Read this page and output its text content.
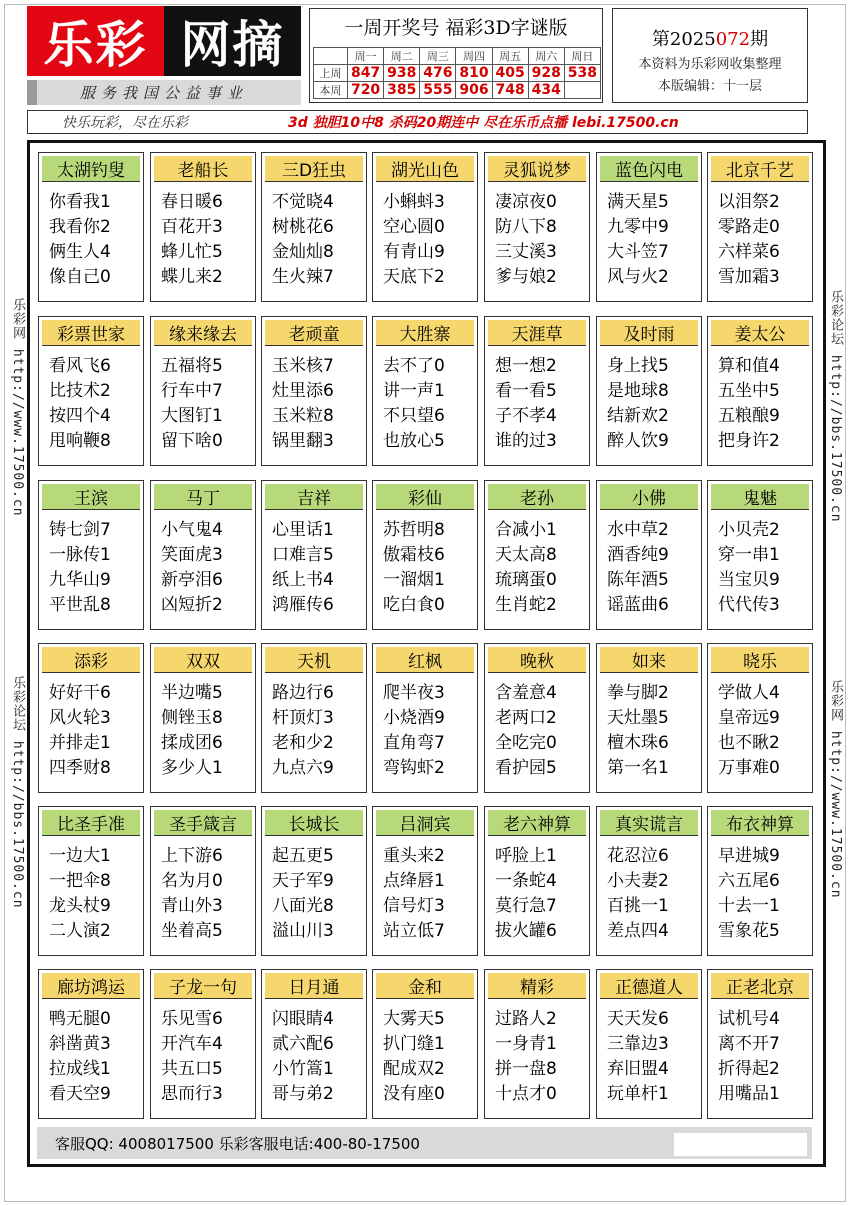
乐彩 网摘
服务我国公益事业
一周开奖号 福彩3D字谜版
	周一	周二	周三	周四	周五	周六	周日
上周	847	938	476	810	405	928	538
本周	720	385	555	906	748	434	
第2025072期
本资料为乐彩网收集整理
本版编辑：十一层
快乐玩彩，尽在乐彩	3d 独胆10中8 杀码20期连中 尽在乐币点播 lebi.17500.cn
乐彩网 http://www.17500.cn
乐彩论坛 http://bbs.17500.cn
乐彩论坛 http://bbs.17500.cn
乐彩网 http://www.17500.cn
太湖钓叟
你看我1
我看你2
俩生人4
像自己0
老船长
春日暖6
百花开3
蜂儿忙5
蝶儿来2
三D狂虫
不觉晓4
树桃花6
金灿灿8
生火辣7
湖光山色
小蝌蚪3
空心圆0
有青山9
天底下2
灵狐说梦
凄凉夜0
防八下8
三丈溪3
爹与娘2
蓝色闪电
满天星5
九零中9
大斗笠7
风与火2
北京千艺
以泪祭2
零路走0
六样菜6
雪加霜3
彩票世家
看风飞6
比技术2
按四个4
甩响鞭8
缘来缘去
五福将5
行车中7
大图钉1
留下啥0
老顽童
玉米核7
灶里添6
玉米粒8
锅里翻3
大胜寨
去不了0
讲一声1
不只望6
也放心5
天涯草
想一想2
看一看5
子不孝4
谁的过3
及时雨
身上找5
是地球8
结新欢2
醉人饮9
姜太公
算和值4
五坐中5
五粮酿9
把身许2
王滨
铸七剑7
一脉传1
九华山9
平世乱8
马丁
小气鬼4
笑面虎3
新亭泪6
凶短折2
吉祥
心里话1
口难言5
纸上书4
鸿雁传6
彩仙
苏哲明8
傲霜枝6
一溜烟1
吃白食0
老孙
合减小1
天太高8
琉璃蛋0
生肖蛇2
小佛
水中草2
酒香纯9
陈年酒5
谣蓝曲6
鬼魅
小贝壳2
穿一串1
当宝贝9
代代传3
添彩
好好干6
风火轮3
并排走1
四季财8
双双
半边嘴5
侧锉玉8
揉成团6
多少人1
天机
路边行6
杆顶灯3
老和少2
九点六9
红枫
爬半夜3
小烧酒9
直角弯7
弯钩虾2
晚秋
含羞意4
老两口2
全吃完0
看护园5
如来
拳与脚2
天灶墨5
檀木珠6
第一名1
晓乐
学做人4
皇帝远9
也不瞅2
万事难0
比圣手准
一边大1
一把伞8
龙头杖9
二人演2
圣手箴言
上下游6
名为月0
青山外3
坐着高5
长城长
起五更5
天子军9
八面光8
溢山川3
吕洞宾
重头来2
点绛唇1
信号灯3
站立低7
老六神算
呼脸上1
一条蛇4
莫行急7
拔火罐6
真实谎言
花忍泣6
小夫妻2
百挑一1
差点四4
布衣神算
早进城9
六五尾6
十去一1
雪象花5
廊坊鸿运
鸭无腿0
斜凿黄3
拉成线1
看天空9
子龙一句
乐见雪6
开汽车4
共五口5
思而行3
日月通
闪眼睛4
贰六配6
小竹篙1
哥与弟2
金和
大雾天5
扒门缝1
配成双2
没有座0
精彩
过路人2
一身青1
拼一盘8
十点才0
正德道人
天天发6
三靠边3
弃旧盟4
玩单杆1
正老北京
试机号4
离不开7
折得起2
用嘴品1
客服QQ: 4008017500 乐彩客服电话:400-80-17500
